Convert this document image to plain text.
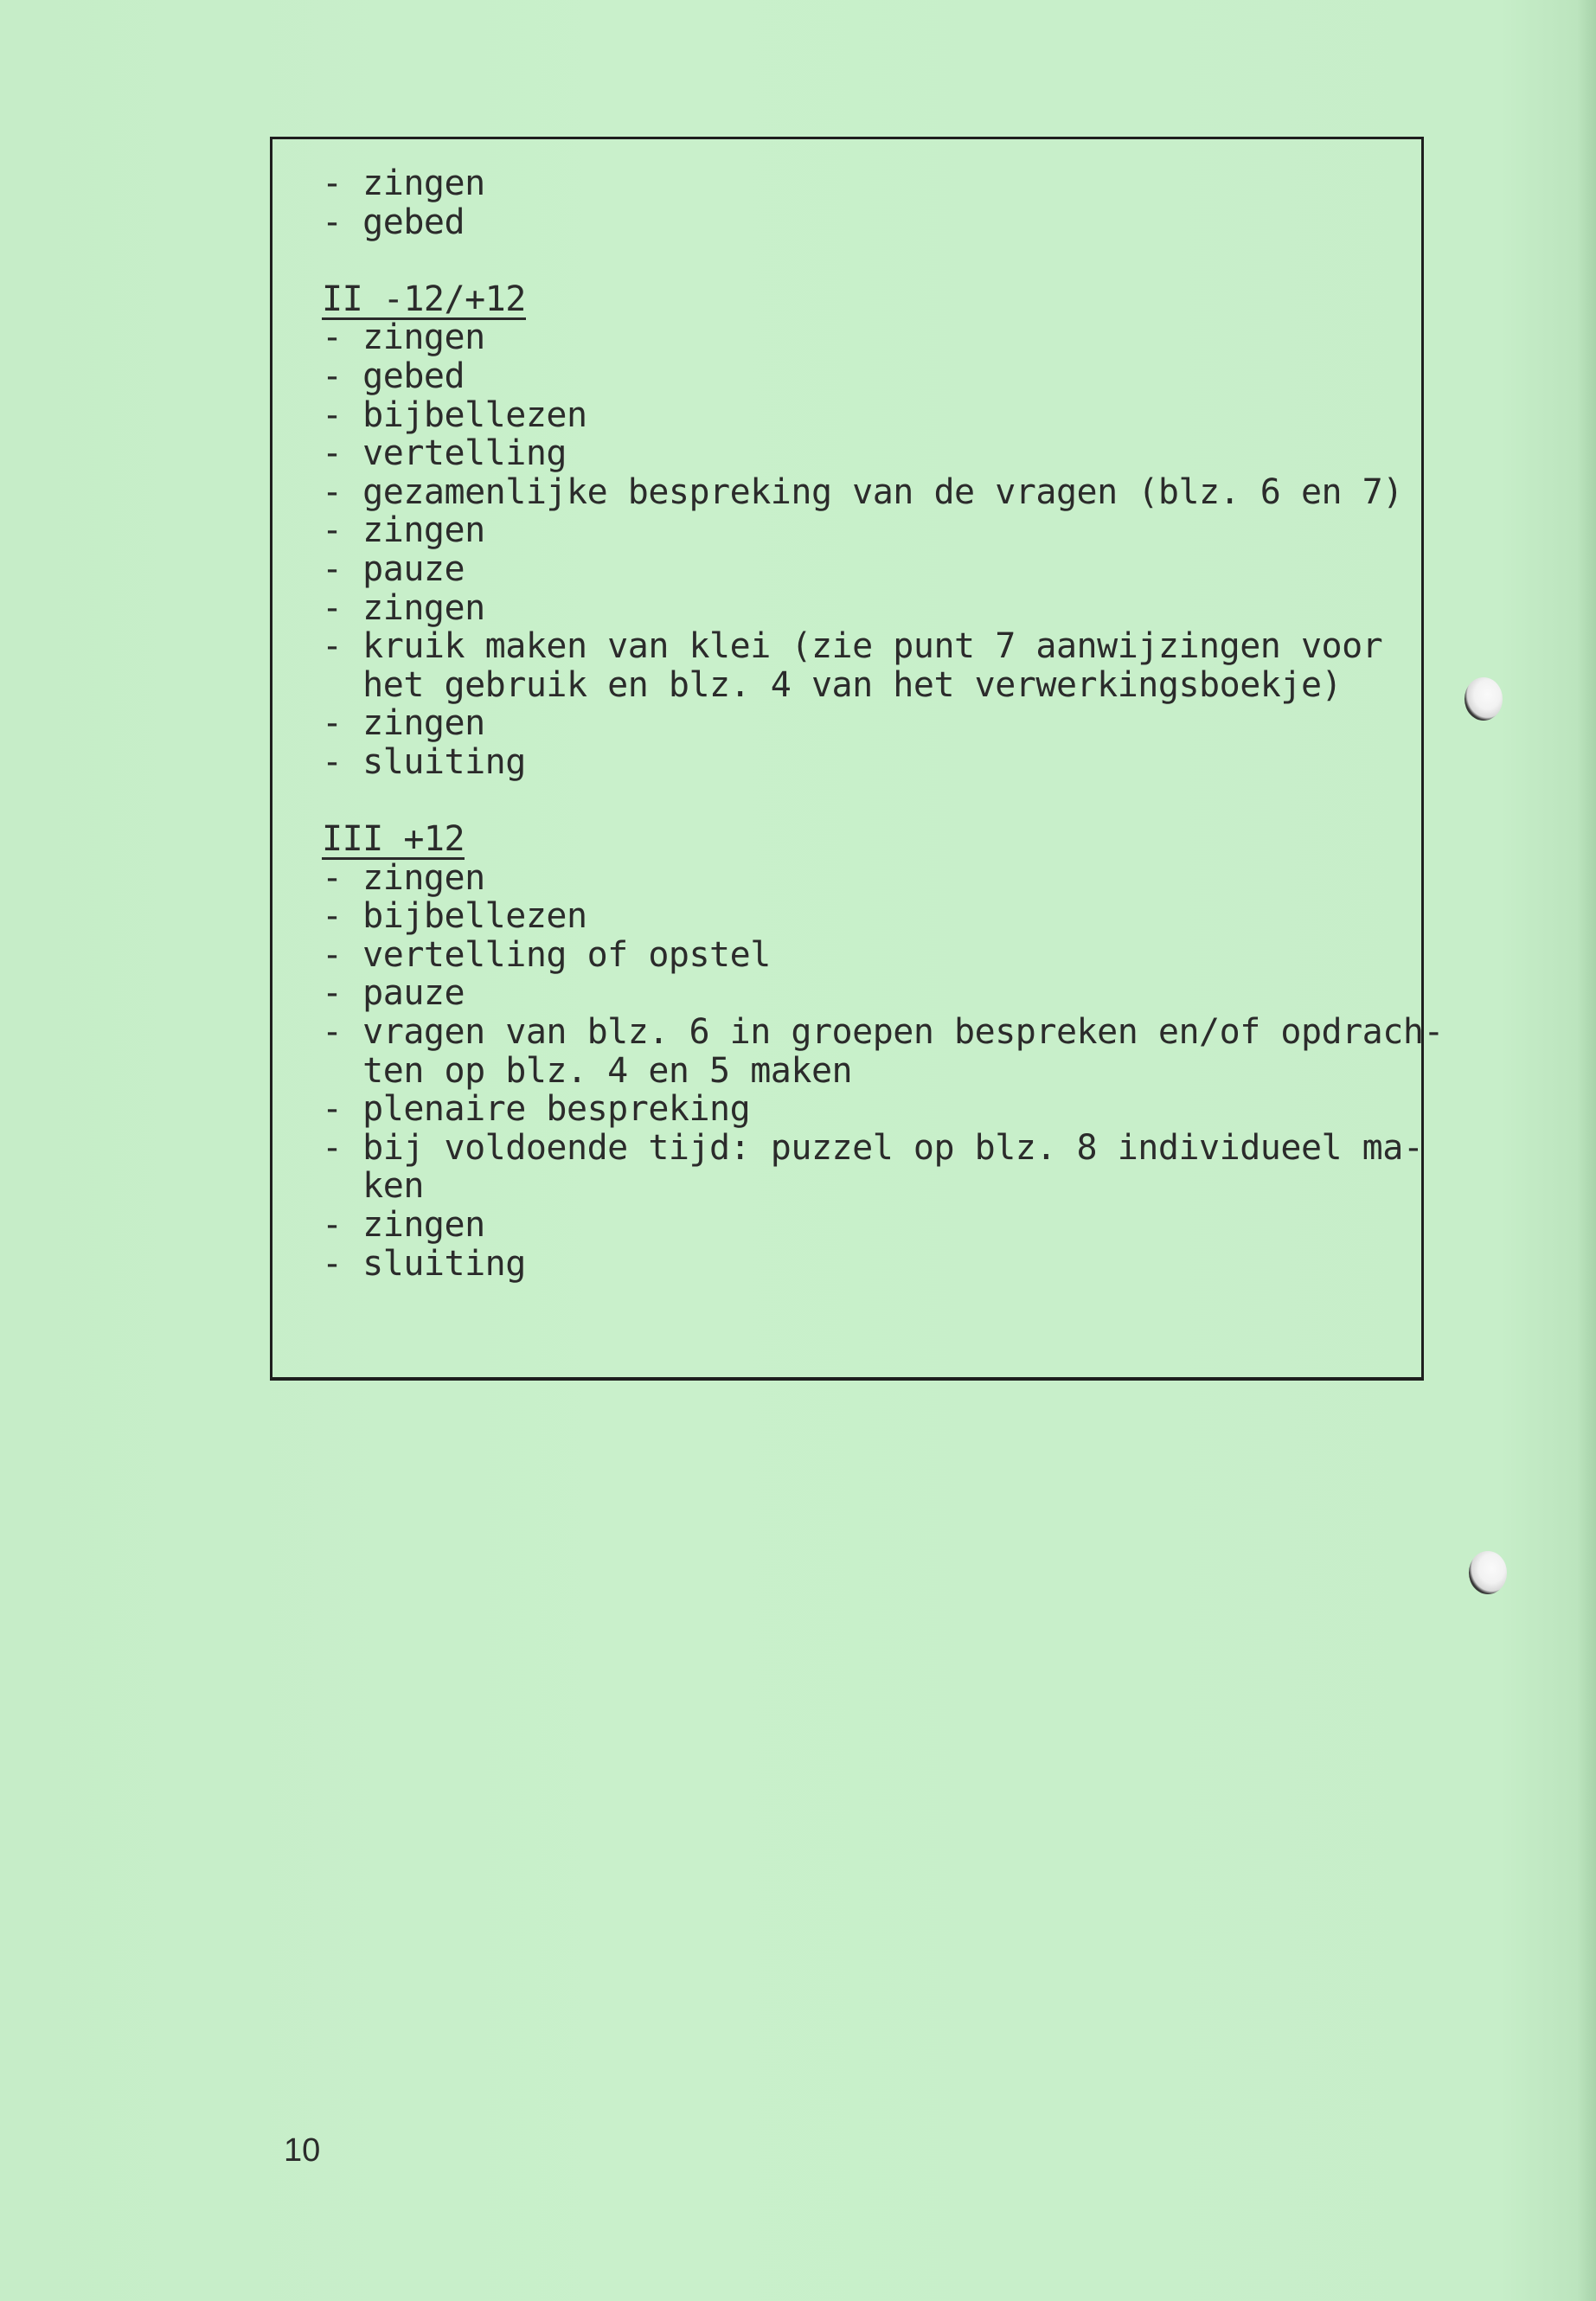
- zingen
- gebed
II -12/+12
- zingen
- gebed
- bijbellezen
- vertelling
- gezamenlijke bespreking van de vragen (blz. 6 en 7)
- zingen
- pauze
- zingen
- kruik maken van klei (zie punt 7 aanwijzingen voor
het gebruik en blz. 4 van het verwerkingsboekje)
- zingen
- sluiting
III +12
- zingen
- bijbellezen
- vertelling of opstel
- pauze
- vragen van blz. 6 in groepen bespreken en/of opdrach-
ten op blz. 4 en 5 maken
- plenaire bespreking
- bij voldoende tijd: puzzel op blz. 8 individueel ma-
ken
- zingen
- sluiting
10
